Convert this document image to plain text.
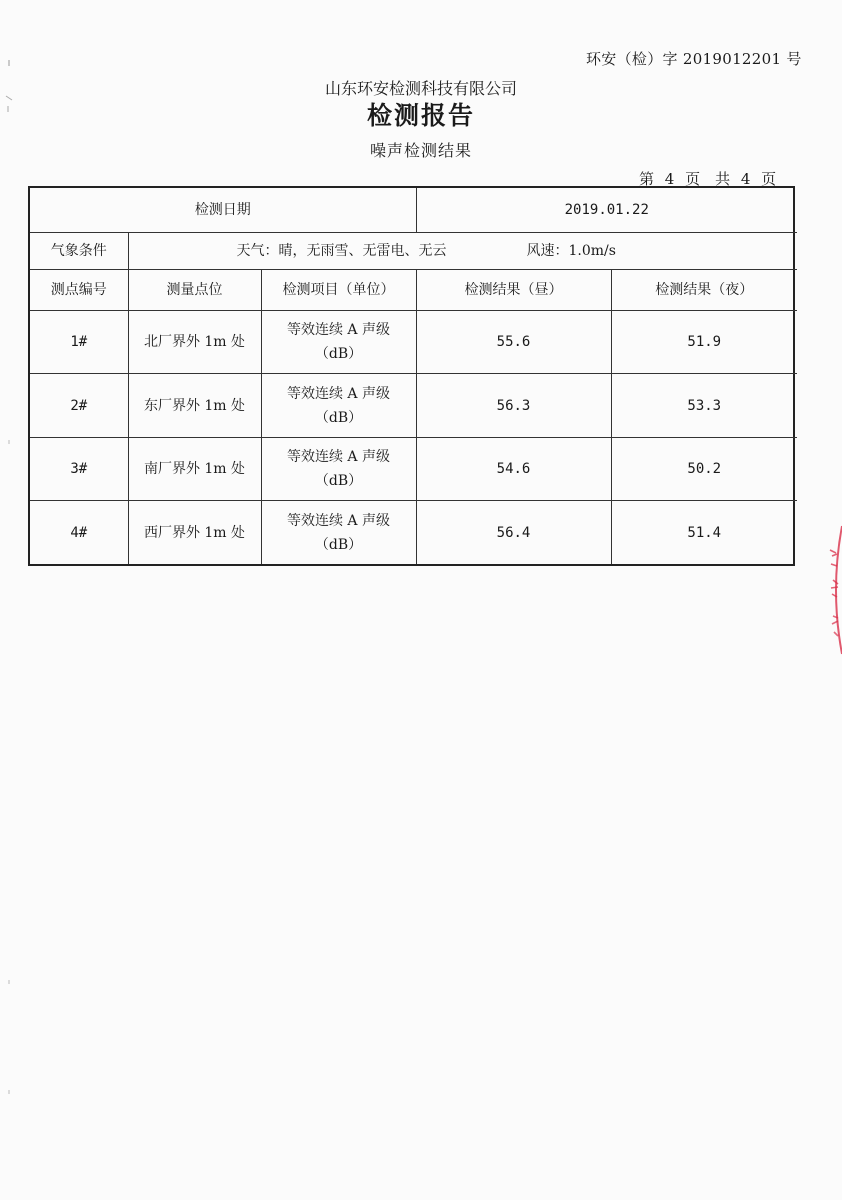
环安（检）字 2019012201 号
山东环安检测科技有限公司
检测报告
噪声检测结果
第 4 页　共 4 页
检测日期			2019.01.22	
气象条件	天气：晴，无雨雪、无雷电、无云 风速：1.0m/s			
测点编号	测量点位	检测项目（单位）	检测结果（昼）	检测结果（夜）
1#	北厂界外 1m 处	等效连续 A 声级
（dB）	55.6	51.9
2#	东厂界外 1m 处	等效连续 A 声级
（dB）	56.3	53.3
3#	南厂界外 1m 处	等效连续 A 声级
（dB）	54.6	50.2
4#	西厂界外 1m 处	等效连续 A 声级
（dB）	56.4	51.4
